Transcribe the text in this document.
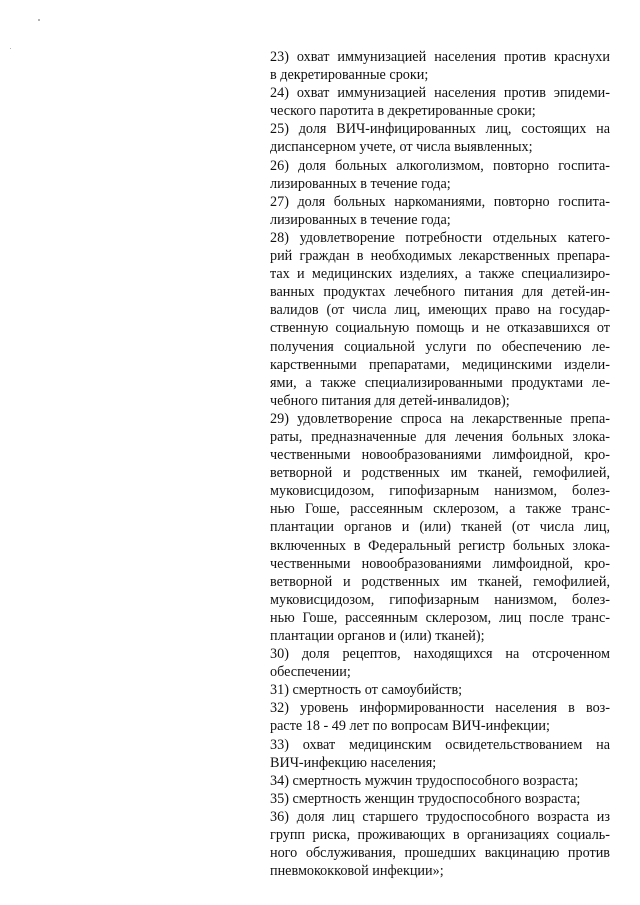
23) охват иммунизацией населения против краснухи
в декретированные сроки;
24) охват иммунизацией населения против эпидеми-
ческого паротита в декретированные сроки;
25) доля ВИЧ-инфицированных лиц, состоящих на
диспансерном учете, от числа выявленных;
26) доля больных алкоголизмом, повторно госпита-
лизированных в течение года;
27) доля больных наркоманиями, повторно госпита-
лизированных в течение года;
28) удовлетворение потребности отдельных катего-
рий граждан в необходимых лекарственных препара-
тах и медицинских изделиях, а также специализиро-
ванных продуктах лечебного питания для детей-ин-
валидов (от числа лиц, имеющих право на государ-
ственную социальную помощь и не отказавшихся от
получения социальной услуги по обеспечению ле-
карственными препаратами, медицинскими издели-
ями, а также специализированными продуктами ле-
чебного питания для детей-инвалидов);
29) удовлетворение спроса на лекарственные препа-
раты, предназначенные для лечения больных злока-
чественными новообразованиями лимфоидной, кро-
ветворной и родственных им тканей, гемофилией,
муковисцидозом, гипофизарным нанизмом, болез-
нью Гоше, рассеянным склерозом, а также транс-
плантации органов и (или) тканей (от числа лиц,
включенных в Федеральный регистр больных злока-
чественными новообразованиями лимфоидной, кро-
ветворной и родственных им тканей, гемофилией,
муковисцидозом, гипофизарным нанизмом, болез-
нью Гоше, рассеянным склерозом, лиц после транс-
плантации органов и (или) тканей);
30) доля рецептов, находящихся на отсроченном
обеспечении;
31) смертность от самоубийств;
32) уровень информированности населения в воз-
расте 18 - 49 лет по вопросам ВИЧ-инфекции;
33) охват медицинским освидетельствованием на
ВИЧ-инфекцию населения;
34) смертность мужчин трудоспособного возраста;
35) смертность женщин трудоспособного возраста;
36) доля лиц старшего трудоспособного возраста из
групп риска, проживающих в организациях социаль-
ного обслуживания, прошедших вакцинацию против
пневмококковой инфекции»;
